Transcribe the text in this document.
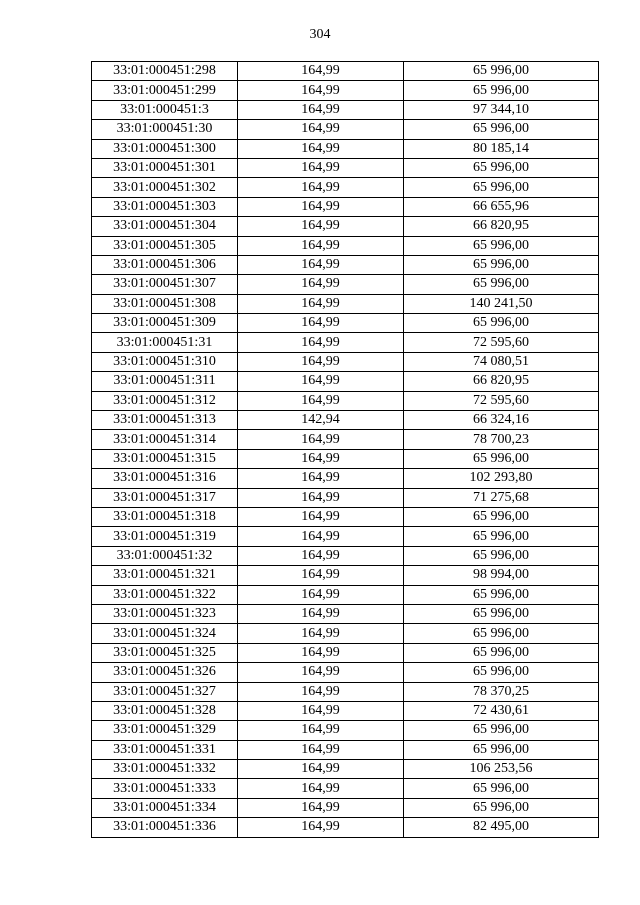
304
33:01:000451:298	164,99	65 996,00
33:01:000451:299	164,99	65 996,00
33:01:000451:3	164,99	97 344,10
33:01:000451:30	164,99	65 996,00
33:01:000451:300	164,99	80 185,14
33:01:000451:301	164,99	65 996,00
33:01:000451:302	164,99	65 996,00
33:01:000451:303	164,99	66 655,96
33:01:000451:304	164,99	66 820,95
33:01:000451:305	164,99	65 996,00
33:01:000451:306	164,99	65 996,00
33:01:000451:307	164,99	65 996,00
33:01:000451:308	164,99	140 241,50
33:01:000451:309	164,99	65 996,00
33:01:000451:31	164,99	72 595,60
33:01:000451:310	164,99	74 080,51
33:01:000451:311	164,99	66 820,95
33:01:000451:312	164,99	72 595,60
33:01:000451:313	142,94	66 324,16
33:01:000451:314	164,99	78 700,23
33:01:000451:315	164,99	65 996,00
33:01:000451:316	164,99	102 293,80
33:01:000451:317	164,99	71 275,68
33:01:000451:318	164,99	65 996,00
33:01:000451:319	164,99	65 996,00
33:01:000451:32	164,99	65 996,00
33:01:000451:321	164,99	98 994,00
33:01:000451:322	164,99	65 996,00
33:01:000451:323	164,99	65 996,00
33:01:000451:324	164,99	65 996,00
33:01:000451:325	164,99	65 996,00
33:01:000451:326	164,99	65 996,00
33:01:000451:327	164,99	78 370,25
33:01:000451:328	164,99	72 430,61
33:01:000451:329	164,99	65 996,00
33:01:000451:331	164,99	65 996,00
33:01:000451:332	164,99	106 253,56
33:01:000451:333	164,99	65 996,00
33:01:000451:334	164,99	65 996,00
33:01:000451:336	164,99	82 495,00
